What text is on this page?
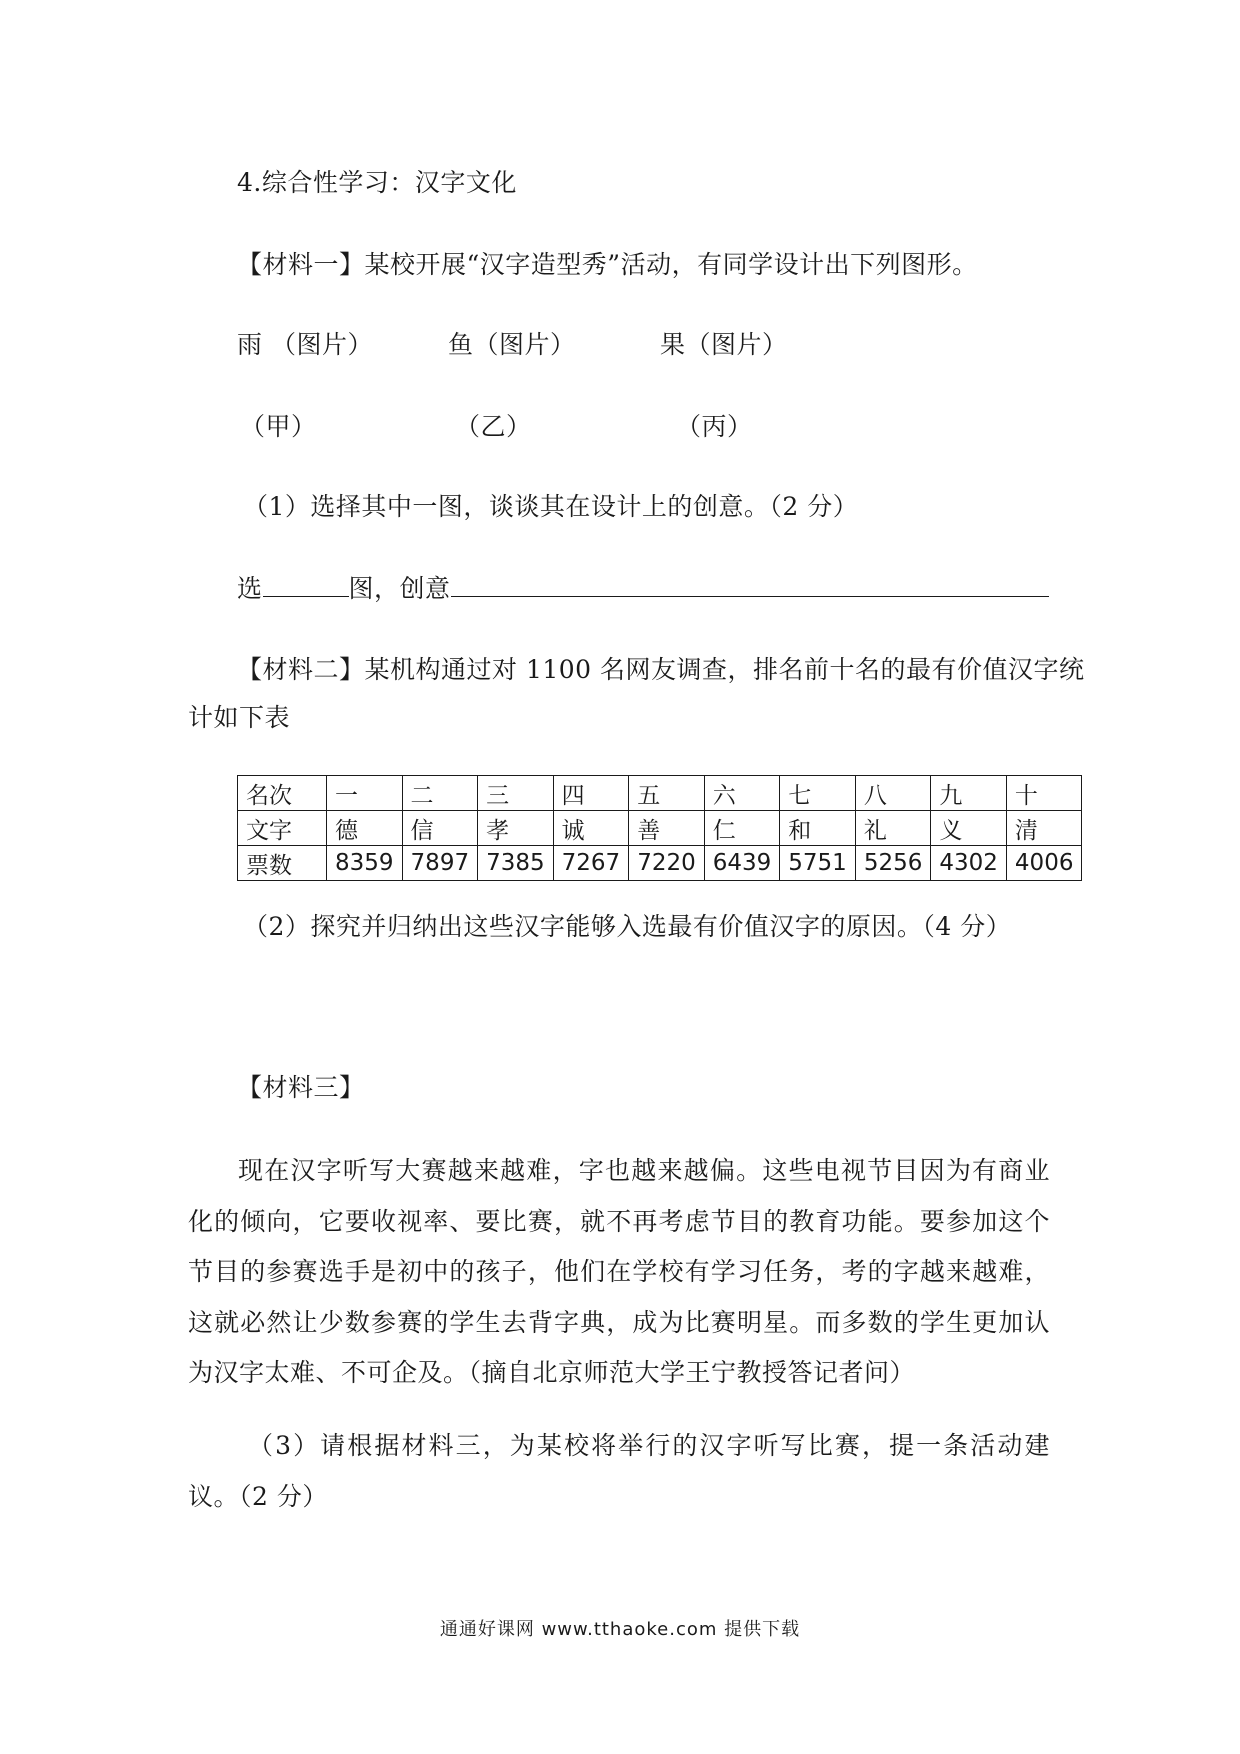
4.综合性学习：汉字文化
【材料一】某校开展“汉字造型秀”活动，有同学设计出下列图形。
雨 （图片）	鱼（图片）	果（图片）
（甲）	（乙）	（丙）
（1）选择其中一图，谈谈其在设计上的创意。（2 分）
选	图，创意
【材料二】某机构通过对 1100 名网友调查，排名前十名的最有价值汉字统
计如下表
名次	一	二	三	四	五	六	七	八	九	十
文字	德	信	孝	诚	善	仁	和	礼	义	清
票数	8359	7897	7385	7267	7220	6439	5751	5256	4302	4006
（2）探究并归纳出这些汉字能够入选最有价值汉字的原因。（4 分）
【材料三】
现在汉字听写大赛越来越难，字也越来越偏。这些电视节目因为有商业化的倾向，它要收视率、要比赛，就不再考虑节目的教育功能。要参加这个节目的参赛选手是初中的孩子，他们在学校有学习任务，考的字越来越难，这就必然让少数参赛的学生去背字典，成为比赛明星。而多数的学生更加认为汉字太难、不可企及。（摘自北京师范大学王宁教授答记者问）
（3）请根据材料三，为某校将举行的汉字听写比赛，提一条活动建议。（2 分）
通通好课网 www.tthaoke.com 提供下载
